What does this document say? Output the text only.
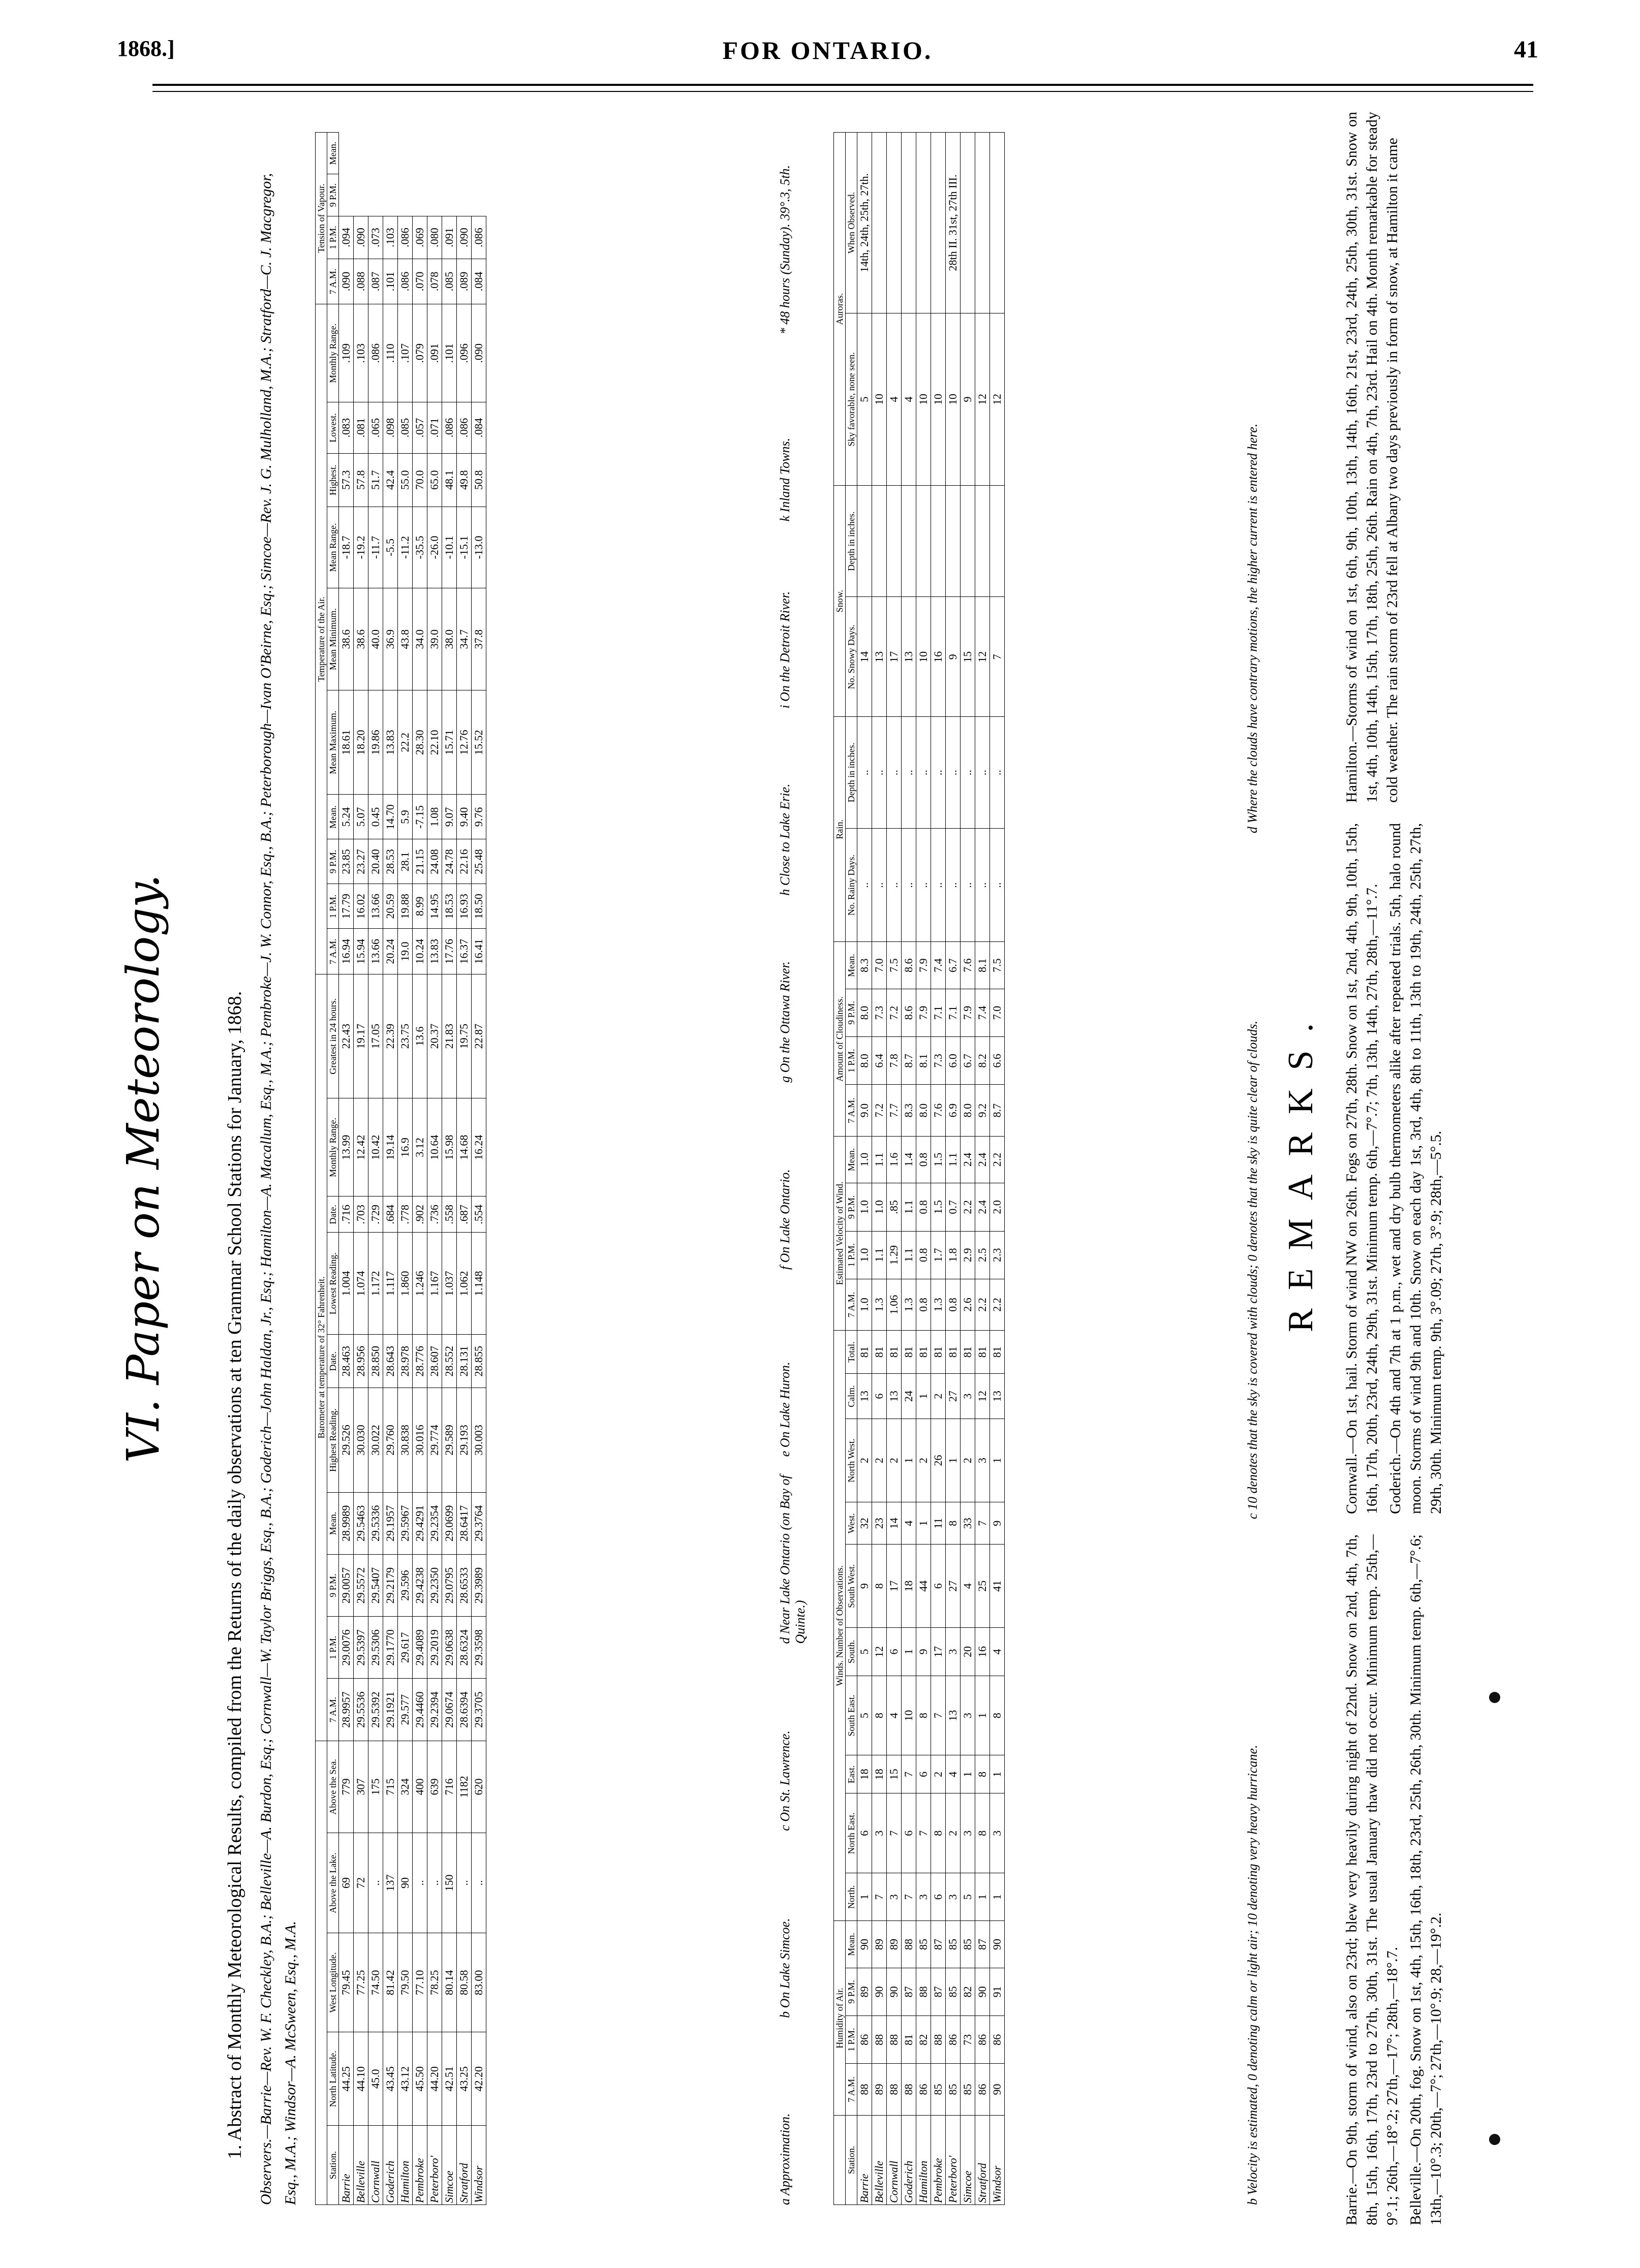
1868.]	FOR ONTARIO.	41
VI. Paper on Meteorology.	1. Abstract of Monthly Meteorological Results, compiled from the Returns of the daily observations at ten Grammar School Stations for January, 1868. Observers.—Barrie—Rev. W. F. Checkley, B.A.; Belleville—A. Burdon, Esq.; Cornwall—W. Taylor Briggs, Esq., B.A.; Goderich—John Haldan, Jr., Esq.; Hamilton—A. Macallum, Esq., M.A.; Pembroke—J. W. Connor, Esq., B.A.; Peterborough—Ivan O'Beirne, Esq.; Simcoe—Rev. J. G. Mulholland, M.A.; Stratford—C. J. Macgregor, Esq., M.A.; Windsor—A. McSween, Esq., M.A.
					Barometer at temperature of 32° Fahrenheit.										Temperature of the Air.										Tension of Vapour.			
Station.	North Latitude.	West Longitude.	Above the Lake.	Above the Sea.	7 A.M.	1 P.M.	9 P.M.	Mean.	Highest Reading.	Date.	Lowest Reading.	Date.	Monthly Range.	Greatest in 24 hours.	7 A.M.	1 P.M.	9 P.M.	Mean.	Mean Maximum.	Mean Minimum.	Mean Range.	Highest.	Lowest.	Monthly Range.	7 A.M.	1 P.M.	9 P.M.	Mean.
Barrie	44.25	79.45	69	779	28.9957	29.0076	29.0057	28.9989	29.526	28.463	1.004	.716	13.99	22.43	16.94	17.79	23.85	5.24	18.61	38.6	-18.7	57.3	.083	.109	.090	.094		
Belleville	44.10	77.25	72	307	29.5536	29.5397	29.5572	29.5463	30.030	28.956	1.074	.703	12.42	19.17	15.94	16.02	23.27	5.07	18.20	38.6	-19.2	57.8	.081	.103	.088	.090		
Cornwall	45.0	74.50	..	175	29.5392	29.5306	29.5407	29.5336	30.022	28.850	1.172	.729	10.42	17.05	13.66	13.66	20.40	0.45	19.86	40.0	-11.7	51.7	.065	.086	.087	.073		
Goderich	43.45	81.42	137	715	29.1921	29.1770	29.2179	29.1957	29.760	28.643	1.117	.684	19.14	22.39	20.24	20.59	28.53	14.70	13.83	36.9	-5.5	42.4	.098	.110	.101	.103		
Hamilton	43.12	79.50	90	324	29.577	29.617	29.596	29.5967	30.838	28.978	1.860	.778	16.9	23.75	19.0	19.88	28.1	5.9	22.2	43.8	-11.2	55.0	.085	.107	.086	.086		
Pembroke	45.50	77.10	..	400	29.4460	29.4089	29.4238	29.4291	30.016	28.776	1.246	.902	3.12	13.6	10.24	8.99	21.15	-7.15	28.30	34.0	-35.5	70.0	.057	.079	.070	.069		
Peterboro'	44.20	78.25	..	639	29.2394	29.2019	29.2350	29.2354	29.774	28.607	1.167	.736	10.64	20.37	13.83	14.95	24.08	1.08	22.10	39.0	-26.0	65.0	.071	.091	.078	.080		
Simcoe	42.51	80.14	150	716	29.0674	29.0638	29.0795	29.0699	29.589	28.552	1.037	.558	15.98	21.83	17.76	18.53	24.78	9.07	15.71	38.0	-10.1	48.1	.086	.101	.085	.091		
Stratford	43.25	80.58	..	1182	28.6394	28.6324	28.6533	28.6417	29.193	28.131	1.062	.687	14.68	19.75	16.37	16.93	22.16	9.40	12.76	34.7	-15.1	49.8	.086	.096	.089	.090		
Windsor	42.20	83.00	..	620	29.3705	29.3598	29.3989	29.3764	30.003	28.855	1.148	.554	16.24	22.87	16.41	18.50	25.48	9.76	15.52	37.8	-13.0	50.8	.084	.090	.084	.086		
a Approximation.
b On Lake Simcoe.
c On St. Lawrence.
d Near Lake Ontario (on Bay of Quinte.)
e On Lake Huron.
f On Lake Ontario.
g On the Ottawa River.
h Close to Lake Erie.
i On the Detroit River.
k Inland Towns.
* 48 hours (Sunday). 39°.3, 5th.
	Humidity of Air.				Winds. Number of Observations.										Estimated Velocity of Wind.				Amount of Cloudiness.				Rain.		Snow.		Auroras.	
Station.	7 A.M.	1 P.M.	9 P.M.	Mean.	North.	North East.	East.	South East.	South.	South West.	West.	North West.	Calm.	Total.	7 A.M.	1 P.M.	9 P.M.	Mean.	7 A.M.	1 P.M.	9 P.M.	Mean.	No. Rainy Days.	Depth in inches.	No. Snowy Days.	Depth in inches.	Sky favorable, none seen.	When Observed.
Barrie	88	86	89	90	1	6	18	5	5	9	32	2	13	81	1.0	1.0	1.0	1.0	9.0	8.0	8.0	8.3	..	..	14		5	14th, 24th, 25th, 27th.
Belleville	89	88	90	89	7	3	18	8	12	8	23	2	6	81	1.3	1.1	1.0	1.1	7.2	6.4	7.3	7.0	..	..	13		10	
Cornwall	88	88	90	89	3	7	15	4	6	17	14	2	13	81	1.06	1.29	.85	1.6	7.7	7.8	7.2	7.5	..	..	17		4	
Goderich	88	81	87	88	7	6	7	10	1	18	4	1	24	81	1.3	1.1	1.1	1.4	8.3	8.7	8.6	8.6	..	..	13		4	
Hamilton	86	82	88	85	3	7	6	8	9	44	1	2	1	81	0.8	0.8	0.8	0.8	8.0	8.1	7.9	7.9	..	..	10		10	
Pembroke	85	88	87	87	6	8	2	7	17	6	11	26	2	81	1.3	1.7	1.5	1.5	7.6	7.3	7.1	7.4	..	..	16		10	
Peterboro'	85	86	85	85	3	2	4	13	3	27	8	1	27	81	0.8	1.8	0.7	1.1	6.9	6.0	7.1	6.7	..	..	9		10	28th II. 31st, 27th III.
Simcoe	85	73	82	85	5	3	1	3	20	4	33	2	3	81	2.6	2.9	2.2	2.4	8.0	6.7	7.9	7.6	..	..	15		9	
Stratford	86	86	90	87	1	8	8	1	16	25	7	3	12	81	2.2	2.5	2.4	2.4	9.2	8.2	7.4	8.1	..	..	12		12	
Windsor	90	86	91	90	1	3	1	8	4	41	9	1	13	81	2.2	2.3	2.0	2.2	8.7	6.6	7.0	7.5	..	..	7		12	
b Velocity is estimated, 0 denoting calm or light air; 10 denoting very heavy hurricane.
c 10 denotes that the sky is covered with clouds; 0 denotes that the sky is quite clear of clouds.
d Where the clouds have contrary motions, the higher current is entered here.
REMARKS.

Barrie.—On 9th, storm of wind, also on 23rd; blew very heavily during night of 22nd. Snow on 2nd, 4th, 7th, 8th, 15th, 16th, 17th, 23rd to 27th, 30th, 31st. The usual January thaw did not occur. Minimum temp. 25th,—9°.1; 26th,—18°.2; 27th,—17°; 28th,—18°.7. Belleville.—On 20th, fog. Snow on 1st, 4th, 15th, 16th, 18th, 23rd, 25th, 26th, 30th. Minimum temp. 6th,—7°.6; 13th,—10°.3; 20th,—7°; 27th,—10°.9; 28,—19°.2.

Cornwall.—On 1st, hail. Storm of wind NW on 26th. Fogs on 27th, 28th. Snow on 1st, 2nd, 4th, 9th, 10th, 15th, 16th, 17th, 20th, 23rd, 24th, 29th, 31st. Minimum temp. 6th,—7°.7; 7th, 13th, 14th, 27th, 28th,—11°.7. Goderich.—On 4th and 7th at 1 p.m., wet and dry bulb thermometers alike after repeated trials. 5th, halo round moon. Storms of wind 9th and 10th. Snow on each day 1st, 3rd, 4th, 8th to 11th, 13th to 19th, 24th, 25th, 27th, 29th, 30th. Minimum temp. 9th, 3°.09; 27th, 3°.9; 28th,—5°.5.

Hamilton.—Storms of wind on 1st, 6th, 9th, 10th, 13th, 14th, 16th, 21st, 23rd, 24th, 25th, 30th, 31st. Snow on 1st, 4th, 10th, 14th, 15th, 17th, 18th, 25th, 26th. Rain on 4th, 7th, 23rd. Hail on 4th. Month remarkable for steady cold weather. The rain storm of 23rd fell at Albany two days previously in form of snow, at Hamilton it came
